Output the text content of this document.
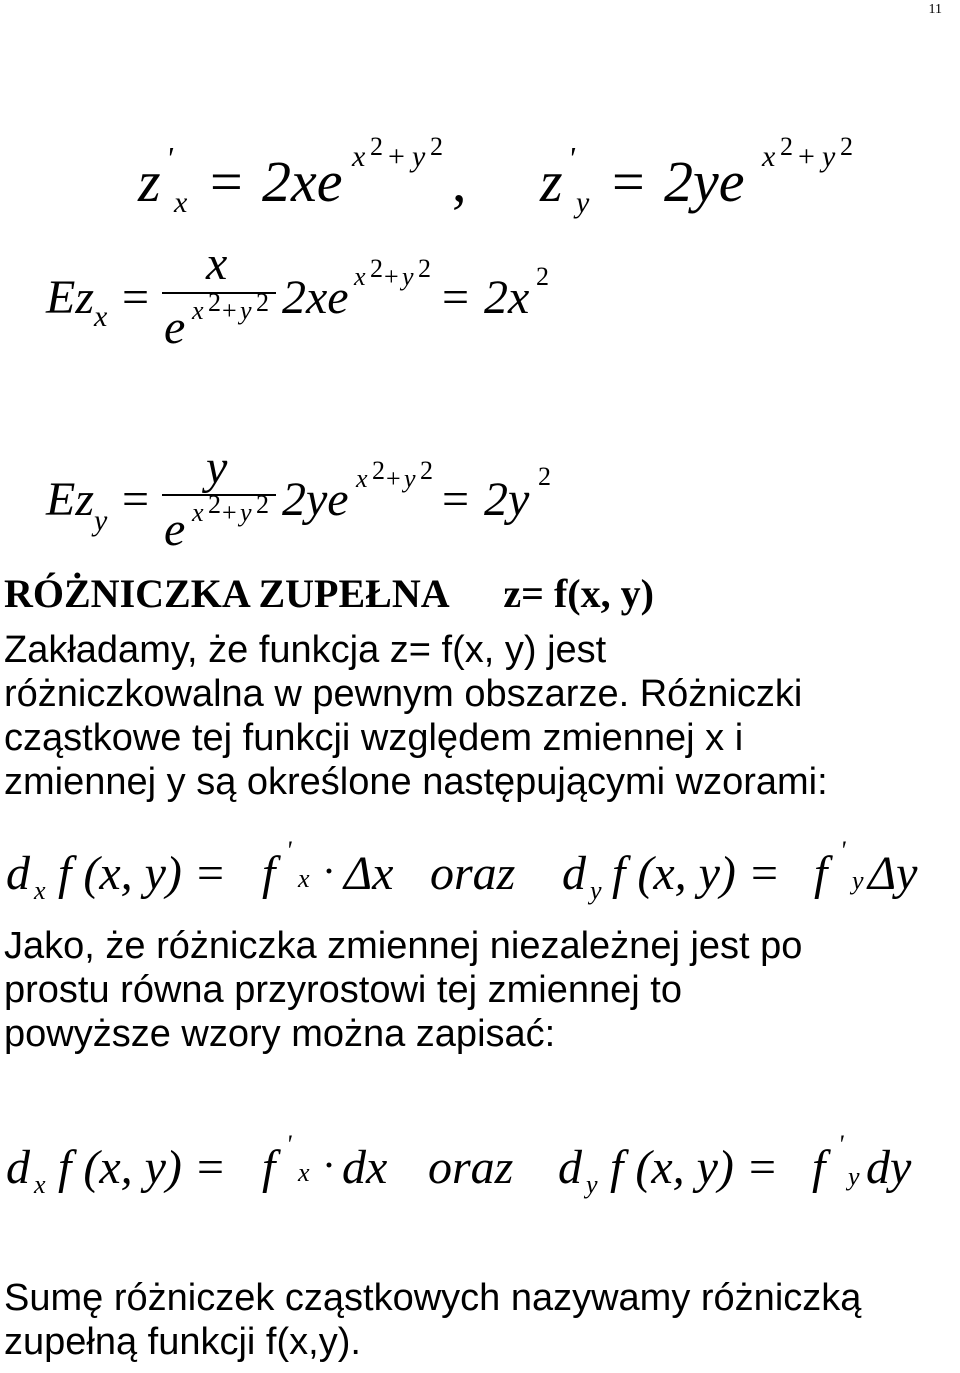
11
z '
x = 2xe x 2 + y 2
, z '
y = 2ye x 2 + y 2
Ez x =
x
e x 2 + y 2 2xe x 2 + y 2
= 2x 2
Ez y =
y
e x 2 + y 2 2ye x 2 + y 2
= 2y 2
RÓŻNICZKA ZUPEŁNA z= f(x, y)
Zakładamy, że funkcja z= f(x, y) jest
różniczkowalna w pewnym obszarze. Różniczki
cząstkowe tej funkcji względem zmiennej x i
zmiennej y są określone następującymi wzorami:
d x f (x, y) = f '
x · Δx oraz d y f (x, y) = f '
y Δy
Jako, że różniczka zmiennej niezależnej jest po
prostu równa przyrostowi tej zmiennej to
powyższe wzory można zapisać:
d x f (x, y) = f '
x · dx oraz d y f (x, y) = f '
y dy
Sumę różniczek cząstkowych nazywamy różniczką
zupełną funkcji f(x,y).
